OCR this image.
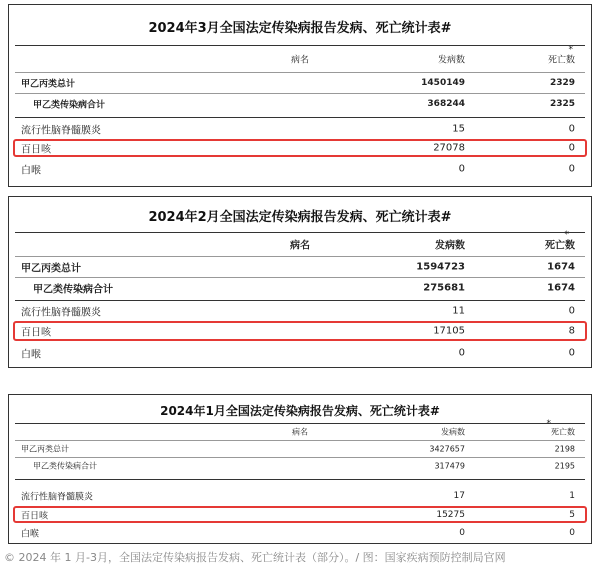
2024年3月全国法定传染病报告发病、死亡统计表#
病名	发病数	死亡数
*
甲乙丙类总计	1450149	2329
甲乙类传染病合计	368244	2325
流行性脑脊髓膜炎	15	0
百日咳	27078	0
白喉	0	0
2024年2月全国法定传染病报告发病、死亡统计表#
病名	发病数	死亡数
*
甲乙丙类总计	1594723	1674
甲乙类传染病合计	275681	1674
流行性脑脊髓膜炎	11	0
百日咳	17105	8
白喉	0	0
2024年1月全国法定传染病报告发病、死亡统计表#
病名	发病数	死亡数
*
甲乙丙类总计	3427657	2198
甲乙类传染病合计	317479	2195
流行性脑脊髓膜炎	17	1
百日咳	15275	5
白喉	0	0
© 2024 年 1 月-3月，全国法定传染病报告发病、死亡统计表（部分）。/ 图：国家疾病预防控制局官网
